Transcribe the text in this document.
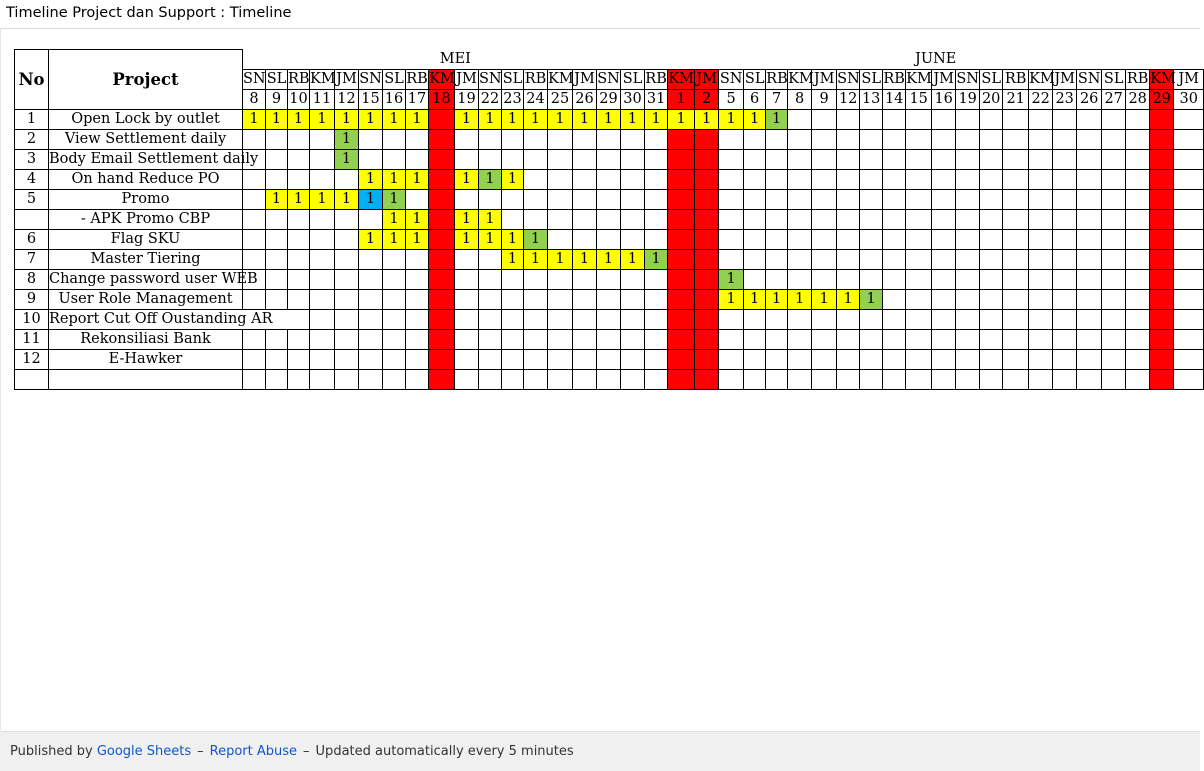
Timeline Project dan Support : Timeline
No	Project	MEI																		JUNE																					
		SN	SL	RB	KM	JM	SN	SL	RB	KM	JM	SN	SL	RB	KM	JM	SN	SL	RB	KM	JM	SN	SL	RB	KM	JM	SN	SL	RB	KM	JM	SN	SL	RB	KM	JM	SN	SL	RB	KM	JM
		8	9	10	11	12	15	16	17	18	19	22	23	24	25	26	29	30	31	1	2	5	6	7	8	9	12	13	14	15	16	19	20	21	22	23	26	27	28	29	30
1	Open Lock by outlet	1	1	1	1	1	1	1	1		1	1	1	1	1	1	1	1	1	1	1	1	1	1																	
2	View Settlement daily					1																																			
3	Body Email Settlement daily					1																																			
4	On hand Reduce PO						1	1	1		1	1	1																												
5	Promo		1	1	1	1	1	1																																	
	- APK Promo CBP							1	1		1	1																													
6	Flag SKU						1	1	1		1	1	1	1																											
7	Master Tiering												1	1	1	1	1	1	1																						
8	Change password user WEB																					1																			
9	User Role Management																					1	1	1	1	1	1	1													
10	Report Cut Off Oustanding AR																																								
11	Rekonsiliasi Bank																																								
12	E-Hawker																																								

Published by Google Sheets – Report Abuse – Updated automatically every 5 minutes
